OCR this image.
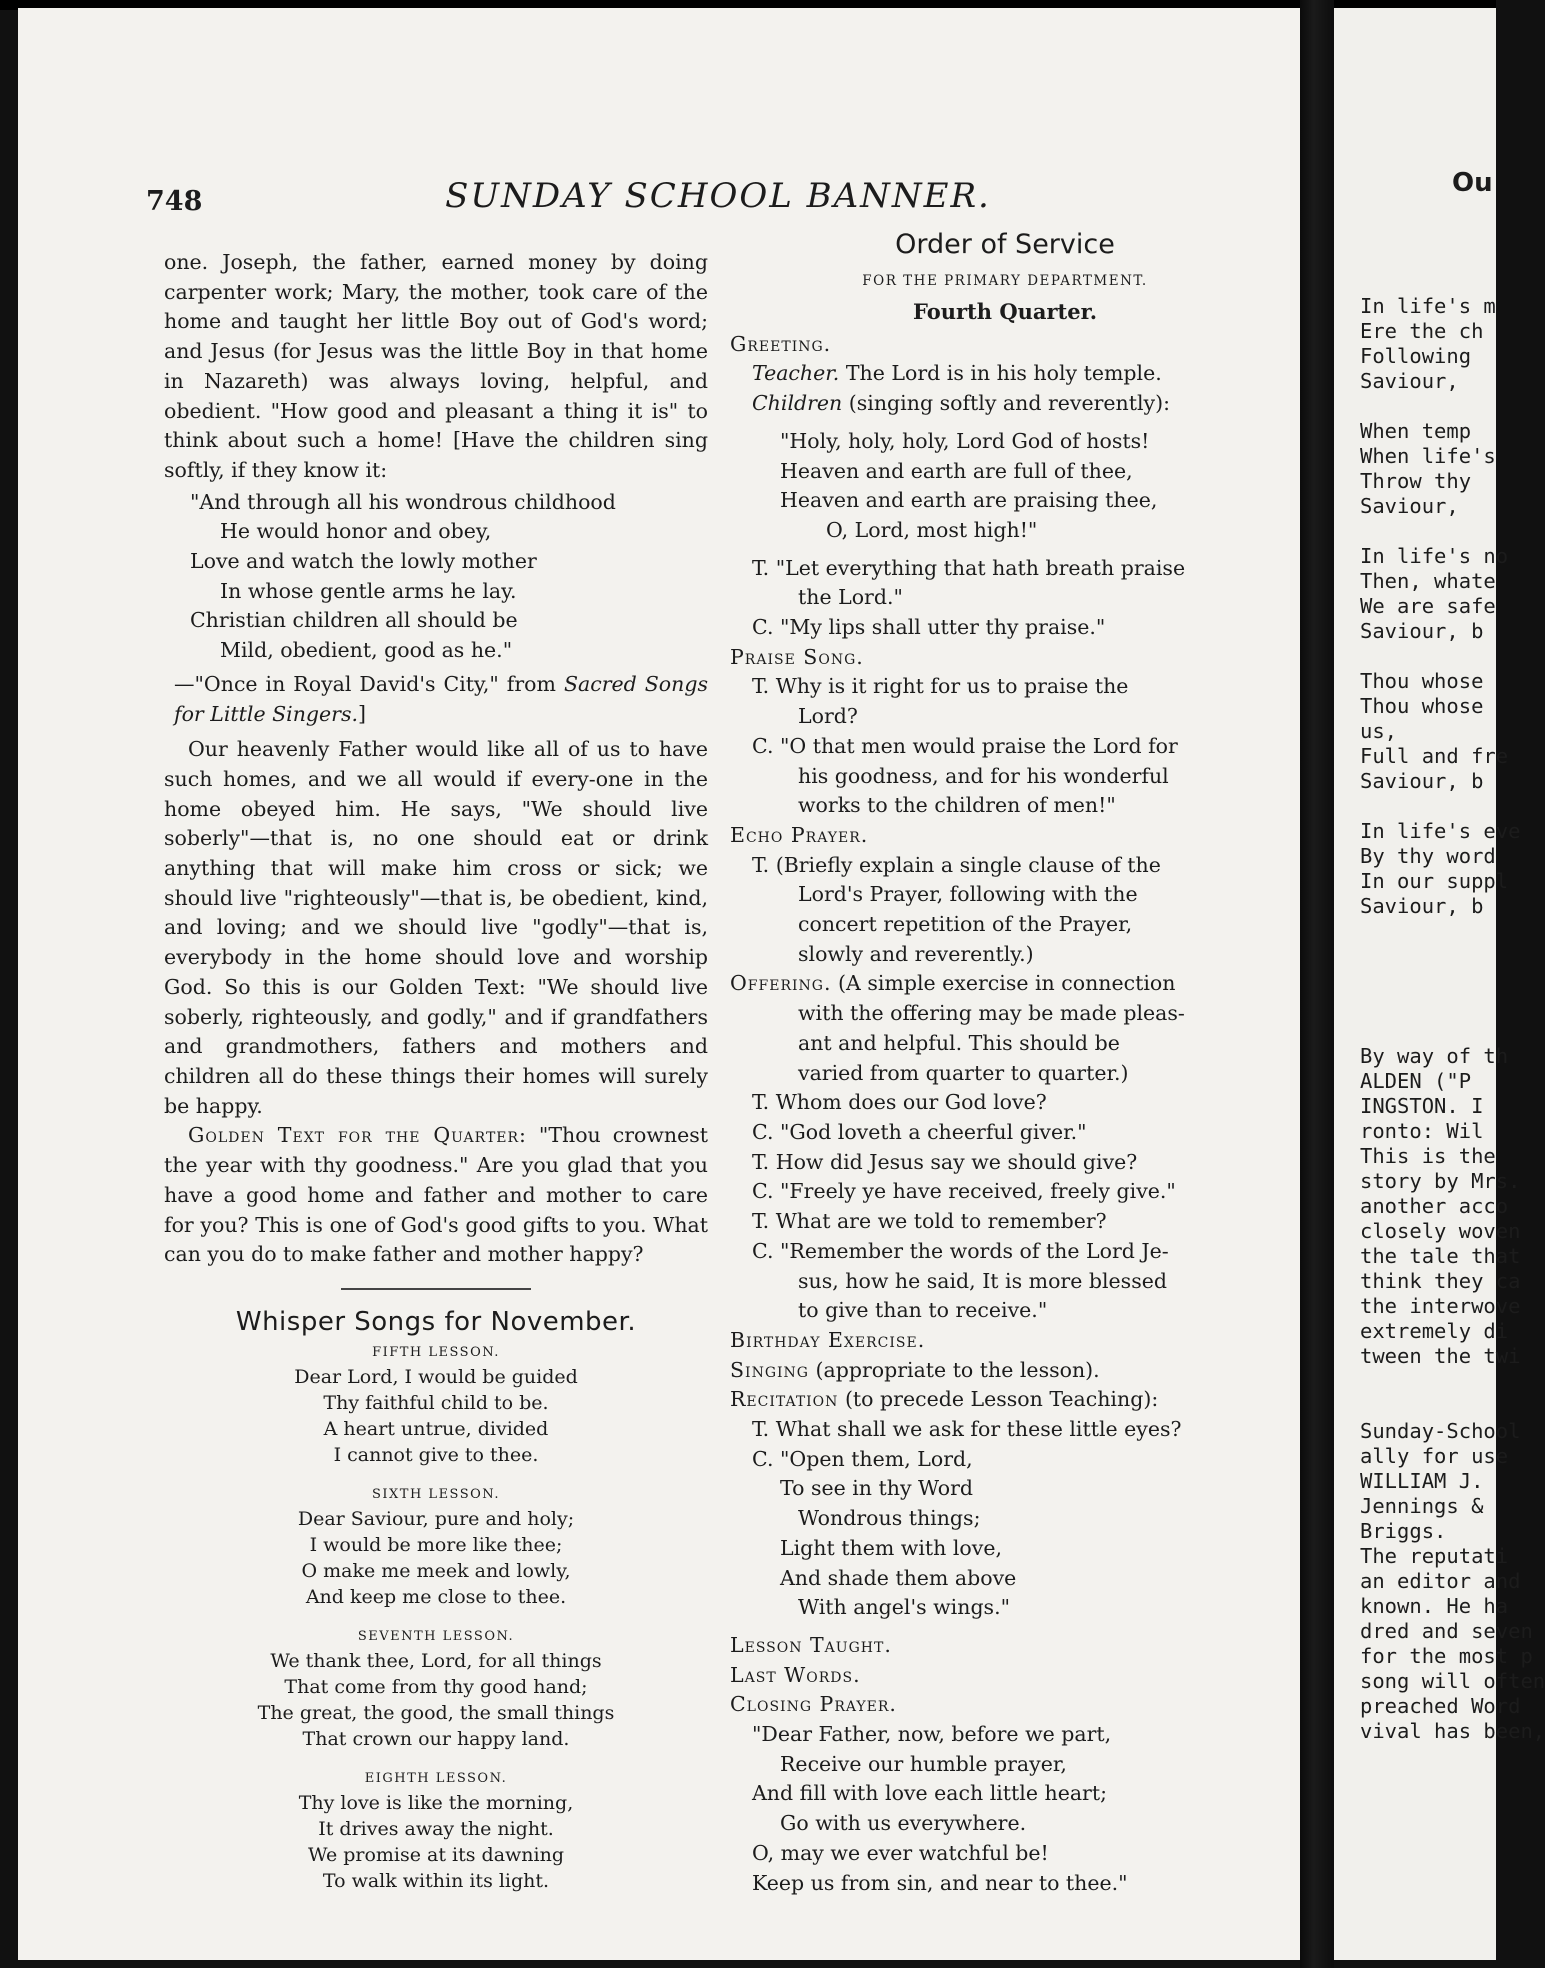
748	SUNDAY SCHOOL BANNER.

one. Joseph, the father, earned money by doing carpenter work; Mary, the mother, took care of the home and taught her little Boy out of God's word; and Jesus (for Jesus was the little Boy in that home in Nazareth) was always loving, helpful, and obedient. "How good and pleasant a thing it is" to think about such a home! [Have the children sing softly, if they know it:

"And through all his wondrous childhood
He would honor and obey,
Love and watch the lowly mother
In whose gentle arms he lay.
Christian children all should be
Mild, obedient, good as he."

—"Once in Royal David's City," from Sacred Songs for Little Singers.]

Our heavenly Father would like all of us to have such homes, and we all would if every-one in the home obeyed him. He says, "We should live soberly"—that is, no one should eat or drink anything that will make him cross or sick; we should live "righteously"—that is, be obedient, kind, and loving; and we should live "godly"—that is, everybody in the home should love and worship God. So this is our Golden Text: "We should live soberly, righteously, and godly," and if grandfathers and grandmothers, fathers and mothers and children all do these things their homes will surely be happy.

Golden Text for the Quarter: "Thou crownest the year with thy goodness." Are you glad that you have a good home and father and mother to care for you? This is one of God's good gifts to you. What can you do to make father and mother happy?

Whisper Songs for November.
FIFTH LESSON.
Dear Lord, I would be guided
Thy faithful child to be.
A heart untrue, divided
I cannot give to thee.
SIXTH LESSON.
Dear Saviour, pure and holy;
I would be more like thee;
O make me meek and lowly,
And keep me close to thee.
SEVENTH LESSON.
We thank thee, Lord, for all things
That come from thy good hand;
The great, the good, the small things
That crown our happy land.
EIGHTH LESSON.
Thy love is like the morning,
It drives away the night.
We promise at its dawning
To walk within its light.
Order of Service
FOR THE PRIMARY DEPARTMENT.
Fourth Quarter.
Greeting.
Teacher. The Lord is in his holy temple.
Children (singing softly and reverently):
"Holy, holy, holy, Lord God of hosts!
Heaven and earth are full of thee,
Heaven and earth are praising thee,
O, Lord, most high!"
T. "Let everything that hath breath praise
the Lord."
C. "My lips shall utter thy praise."
Praise Song.
T. Why is it right for us to praise the
Lord?
C. "O that men would praise the Lord for
his goodness, and for his wonderful
works to the children of men!"
Echo Prayer.
T. (Briefly explain a single clause of the
Lord's Prayer, following with the
concert repetition of the Prayer,
slowly and reverently.)
Offering. (A simple exercise in connection
with the offering may be made pleas-
ant and helpful. This should be
varied from quarter to quarter.)
T. Whom does our God love?
C. "God loveth a cheerful giver."
T. How did Jesus say we should give?
C. "Freely ye have received, freely give."
T. What are we told to remember?
C. "Remember the words of the Lord Je-
sus, how he said, It is more blessed
to give than to receive."
Birthday Exercise.
Singing (appropriate to the lesson).
Recitation (to precede Lesson Teaching):
T. What shall we ask for these little eyes?
C. "Open them, Lord,
To see in thy Word
Wondrous things;
Light them with love,
And shade them above
With angel's wings."
Lesson Taught.
Last Words.
Closing Prayer.
"Dear Father, now, before we part,
Receive our humble prayer,
And fill with love each little heart;
Go with us everywhere.
O, may we ever watchful be!
Keep us from sin, and near to thee."
Ou
In life's m
Ere the ch
Following
Saviour,

When temp
When life's
Throw thy
Saviour,

In life's no
Then, whate
We are safe
Saviour, b

Thou whose
Thou whose
us,
Full and fre
Saviour, b

In life's eve
By thy word
In our suppl
Saviour, b

By way of th
ALDEN ("P
INGSTON. I
ronto: Wil
This is the
story by Mrs.
another acco
closely woven
the tale that
think they ca
the interwove
extremely di
tween the twi

Sunday-School
ally for use
WILLIAM J.
Jennings &
Briggs.
The reputati
an editor and
known. He ha
dred and seven
for the most p
song will often
preached Word
vival has been,
